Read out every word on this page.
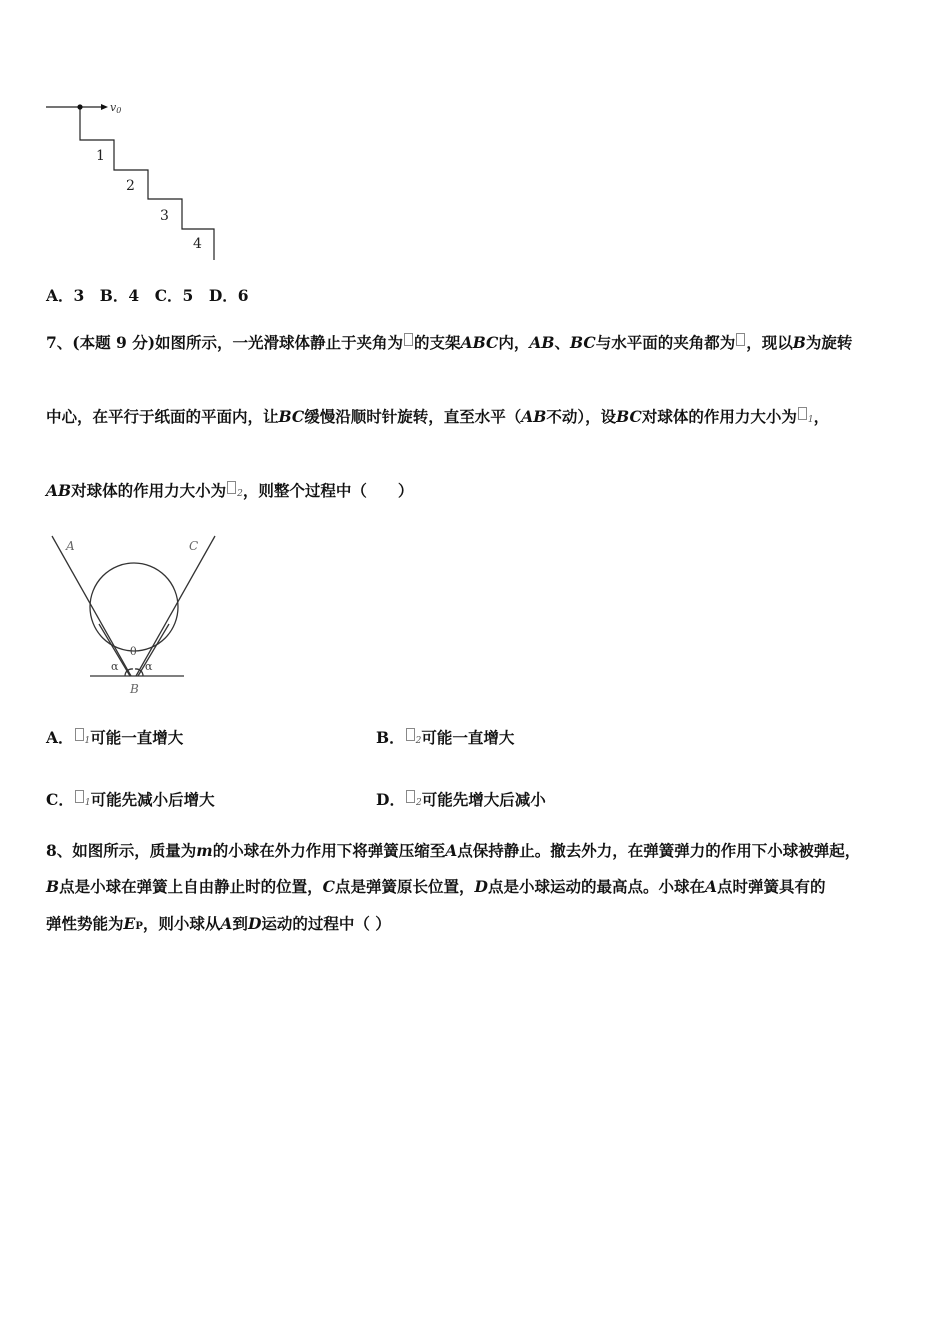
v0
1
2
3
4
A．3　B．4　C．5　D．6
7、(本题 9 分)如图所示，一光滑球体静止于夹角为 的支架ABC内，AB、BC与水平面的夹角都为 ，现以B为旋转
中心，在平行于纸面的平面内，让BC缓慢沿顺时针旋转，直至水平（AB不动），设BC对球体的作用力大小为 1，
AB对球体的作用力大小为 2，则整个过程中（　　）
A	C
θ
α α
B
A． 1可能一直增大	B． 2可能一直增大
C． 1可能先减小后增大	D． 2可能先增大后减小
8、如图所示，质量为m的小球在外力作用下将弹簧压缩至A点保持静止。撤去外力，在弹簧弹力的作用下小球被弹起，
B点是小球在弹簧上自由静止时的位置，C点是弹簧原长位置，D点是小球运动的最高点。小球在A点时弹簧具有的
弹性势能为EP，则小球从A到D运动的过程中（ ）
